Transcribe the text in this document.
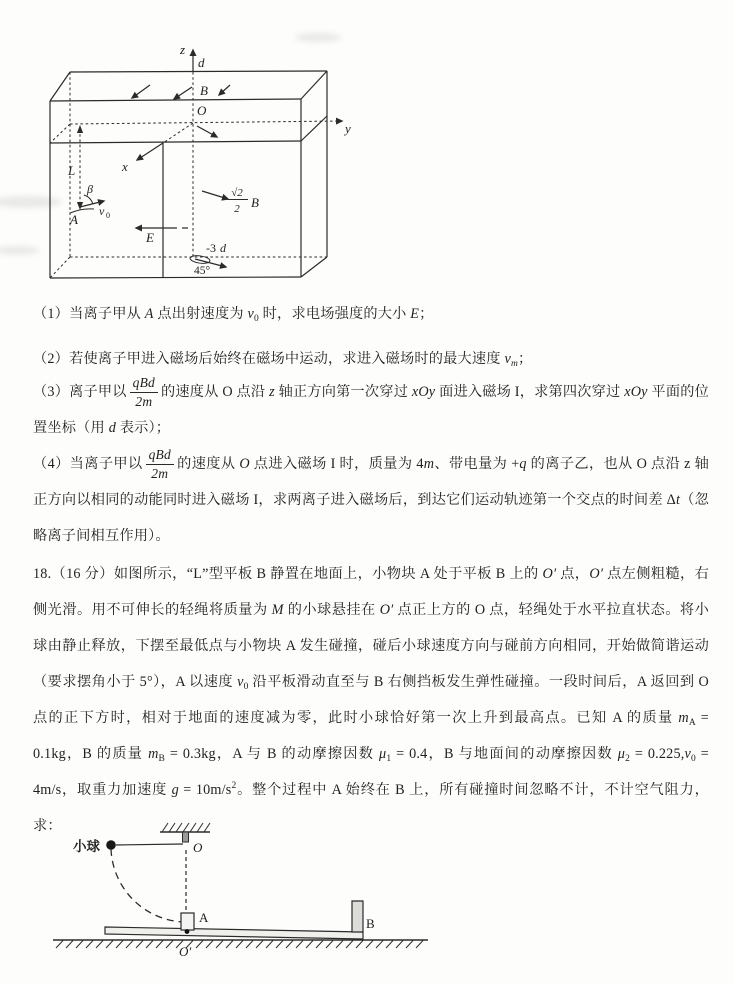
z
d
y
x
O
B
L
A
β
v 0
E
√2
2 B
-3 d
45°
（1）当离子甲从 A 点出射速度为 $v_0$ 时，求电场强度的大小 E；
（2）若使离子甲进入磁场后始终在磁场中运动，求进入磁场时的最大速度 $v_m$；
（3）离子甲以 $\frac{\text{qBd}}{2m}$ 的速度从 O 点沿 z 轴正方向第一次穿过 xOy 面进入磁场 I，求第四次穿过 xOy 平面的位置坐标（用 d 表示）；
（4）当离子甲以 $\frac{\text{qBd}}{2m}$ 的速度从 O 点进入磁场 I 时，质量为 4m、带电量为 +q 的离子乙，也从 O 点沿 z 轴正方向以相同的动能同时进入磁场 I，求两离子进入磁场后，到达它们运动轨迹第一个交点的时间差 Δt（忽略离子间相互作用）。
18.（16 分）如图所示，“L”型平板 B 静置在地面上，小物块 A 处于平板 B 上的 O′ 点，O′ 点左侧粗糙，右侧光滑。用不可伸长的轻绳将质量为 M 的小球悬挂在 O′ 点正上方的 O 点，轻绳处于水平拉直状态。将小球由静止释放，下摆至最低点与小物块 A 发生碰撞，碰后小球速度方向与碰前方向相同，开始做简谐运动（要求摆角小于 5°），A 以速度 $v_0$ 沿平板滑动直至与 B 右侧挡板发生弹性碰撞。一段时间后，A 返回到 O 点的正下方时，相对于地面的速度减为零，此时小球恰好第一次上升到最高点。已知 A 的质量 $m_A = 0.1kg$，B 的质量 $m_B = 0.3kg$，A 与 B 的动摩擦因数 $\mu_1 = 0.4$，B 与地面间的动摩擦因数 $\mu_2 = 0.225,v_0 = 4m/s$，取重力加速度 $g = 10m/s^2$。整个过程中 A 始终在 B 上，所有碰撞时间忽略不计，不计空气阻力，求：
O
小球
B
A
O′
